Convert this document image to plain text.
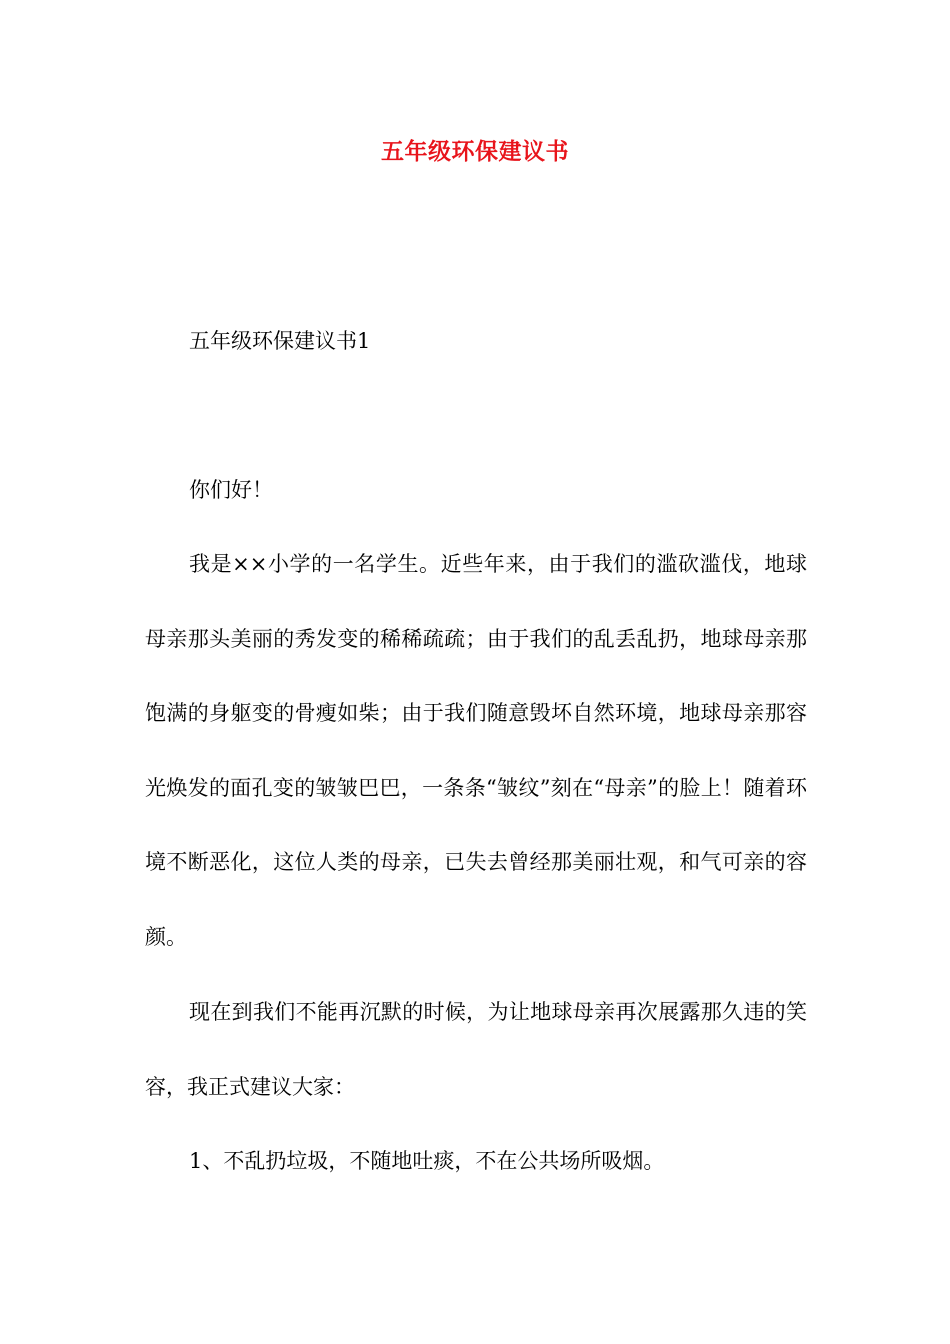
五年级环保建议书

五年级环保建议书1

你们好！

我是××小学的一名学生。近些年来，由于我们的滥砍滥伐，地球母亲那头美丽的秀发变的稀稀疏疏；由于我们的乱丢乱扔，地球母亲那饱满的身躯变的骨瘦如柴；由于我们随意毁坏自然环境，地球母亲那容光焕发的面孔变的皱皱巴巴，一条条“皱纹”刻在“母亲”的脸上！随着环境不断恶化，这位人类的母亲，已失去曾经那美丽壮观，和气可亲的容颜。

现在到我们不能再沉默的时候，为让地球母亲再次展露那久违的笑容，我正式建议大家：

1、不乱扔垃圾，不随地吐痰，不在公共场所吸烟。
